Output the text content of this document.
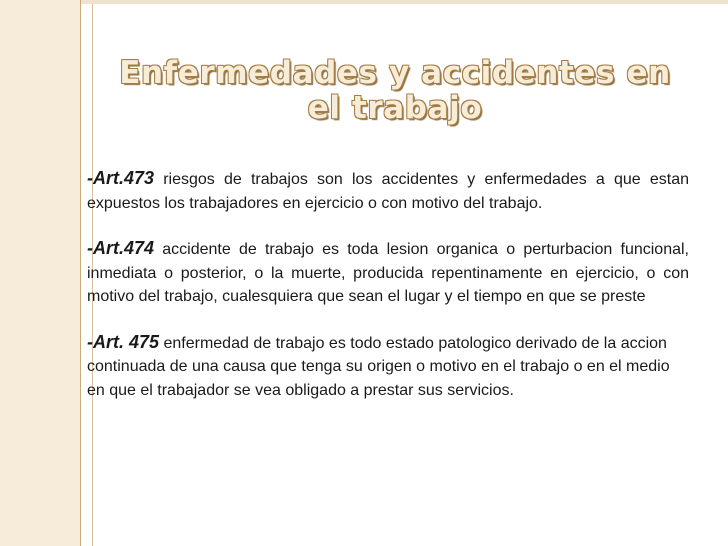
Enfermedades y accidentes en el trabajo

-Art.473 riesgos de trabajos son los accidentes y enfermedades a que estan expuestos los trabajadores en ejercicio o con motivo del trabajo.

-Art.474 accidente de trabajo es toda lesion organica o perturbacion funcional, inmediata o posterior, o la muerte, producida repentinamente en ejercicio, o con motivo del trabajo, cualesquiera que sean el lugar y el tiempo en que se preste

-Art. 475 enfermedad de trabajo es todo estado patologico derivado de la accion continuada de una causa que tenga su origen o motivo en el trabajo o en el medio en que el trabajador se vea obligado a prestar sus servicios.
